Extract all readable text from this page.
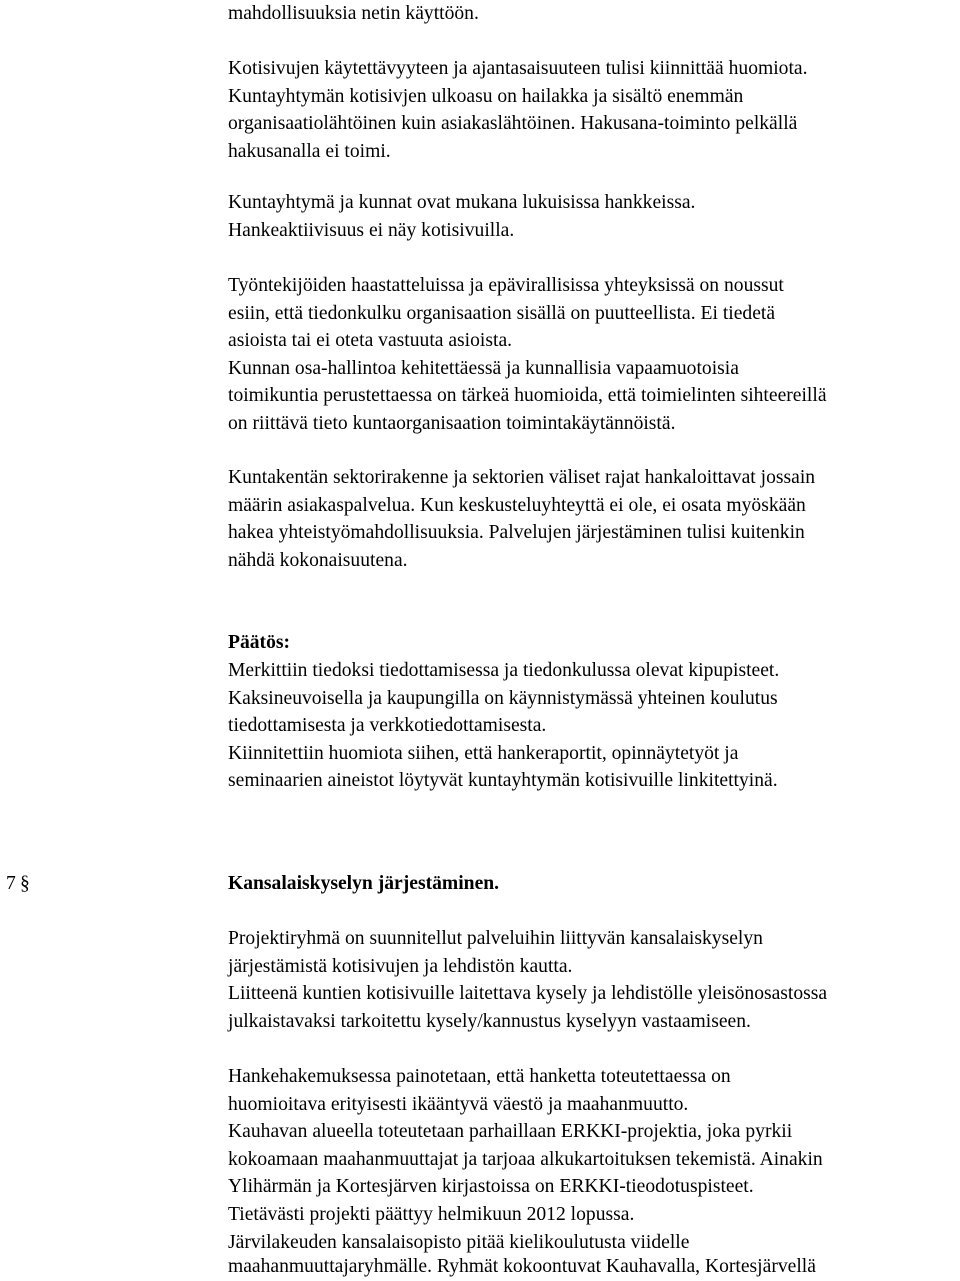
mahdollisuuksia netin käyttöön.
Kotisivujen käytettävyyteen ja ajantasaisuuteen tulisi kiinnittää huomiota.
Kuntayhtymän kotisivjen ulkoasu on hailakka ja sisältö enemmän
organisaatiolähtöinen kuin asiakaslähtöinen. Hakusana-toiminto pelkällä
hakusanalla ei toimi.
Kuntayhtymä ja kunnat ovat mukana lukuisissa hankkeissa.
Hankeaktiivisuus ei näy kotisivuilla.
Työntekijöiden haastatteluissa ja epävirallisissa yhteyksissä on noussut
esiin, että tiedonkulku organisaation sisällä on puutteellista. Ei tiedetä
asioista tai ei oteta vastuuta asioista.
Kunnan osa-hallintoa kehitettäessä ja kunnallisia vapaamuotoisia
toimikuntia perustettaessa on tärkeä huomioida, että toimielinten sihteereillä
on riittävä tieto kuntaorganisaation toimintakäytännöistä.
Kuntakentän sektorirakenne ja sektorien väliset rajat hankaloittavat jossain
määrin asiakaspalvelua. Kun keskusteluyhteyttä ei ole, ei osata myöskään
hakea yhteistyömahdollisuuksia. Palvelujen järjestäminen tulisi kuitenkin
nähdä kokonaisuutena.
Päätös:
Merkittiin tiedoksi tiedottamisessa ja tiedonkulussa olevat kipupisteet.
Kaksineuvoisella ja kaupungilla on käynnistymässä yhteinen koulutus
tiedottamisesta ja verkkotiedottamisesta.
Kiinnitettiin huomiota siihen, että hankeraportit, opinnäytetyöt ja
seminaarien aineistot löytyvät kuntayhtymän kotisivuille linkitettyinä.
7 §	Kansalaiskyselyn järjestäminen.
Projektiryhmä on suunnitellut palveluihin liittyvän kansalaiskyselyn
järjestämistä kotisivujen ja lehdistön kautta.
Liitteenä kuntien kotisivuille laitettava kysely ja lehdistölle yleisönosastossa
julkaistavaksi tarkoitettu kysely/kannustus kyselyyn vastaamiseen.
Hankehakemuksessa painotetaan, että hanketta toteutettaessa on
huomioitava erityisesti ikääntyvä väestö ja maahanmuutto.
Kauhavan alueella toteutetaan parhaillaan ERKKI-projektia, joka pyrkii
kokoamaan maahanmuuttajat ja tarjoaa alkukartoituksen tekemistä. Ainakin
Ylihärmän ja Kortesjärven kirjastoissa on ERKKI-tieodotuspisteet.
Tietävästi projekti päättyy helmikuun 2012 lopussa.
Järvilakeuden kansalaisopisto pitää kielikoulutusta viidelle
maahanmuuttajaryhmälle. Ryhmät kokoontuvat Kauhavalla, Kortesjärvellä
